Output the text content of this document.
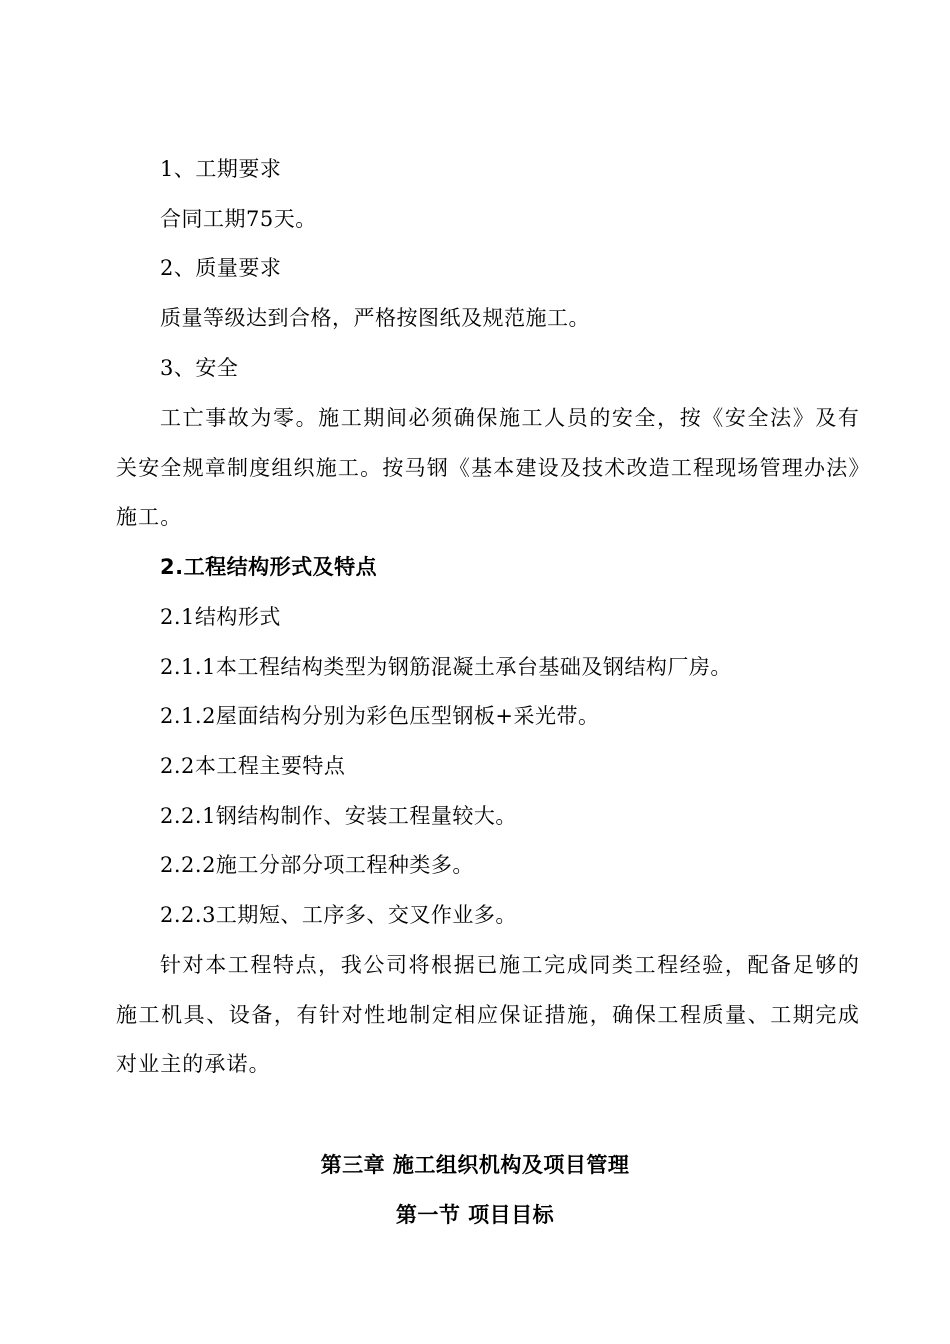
1、工期要求
合同工期75天。
2、质量要求
质量等级达到合格，严格按图纸及规范施工。
3、安全

工亡事故为零。施工期间必须确保施工人员的安全，按《安全法》及有关安全规章制度组织施工。按马钢《基本建设及技术改造工程现场管理办法》施工。

2.工程结构形式及特点
2.1结构形式
2.1.1本工程结构类型为钢筋混凝土承台基础及钢结构厂房。
2.1.2屋面结构分别为彩色压型钢板+采光带。
2.2本工程主要特点
2.2.1钢结构制作、安装工程量较大。
2.2.2施工分部分项工程种类多。
2.2.3工期短、工序多、交叉作业多。

针对本工程特点，我公司将根据已施工完成同类工程经验，配备足够的施工机具、设备，有针对性地制定相应保证措施，确保工程质量、工期完成对业主的承诺。

第三章 施工组织机构及项目管理
第一节 项目目标
